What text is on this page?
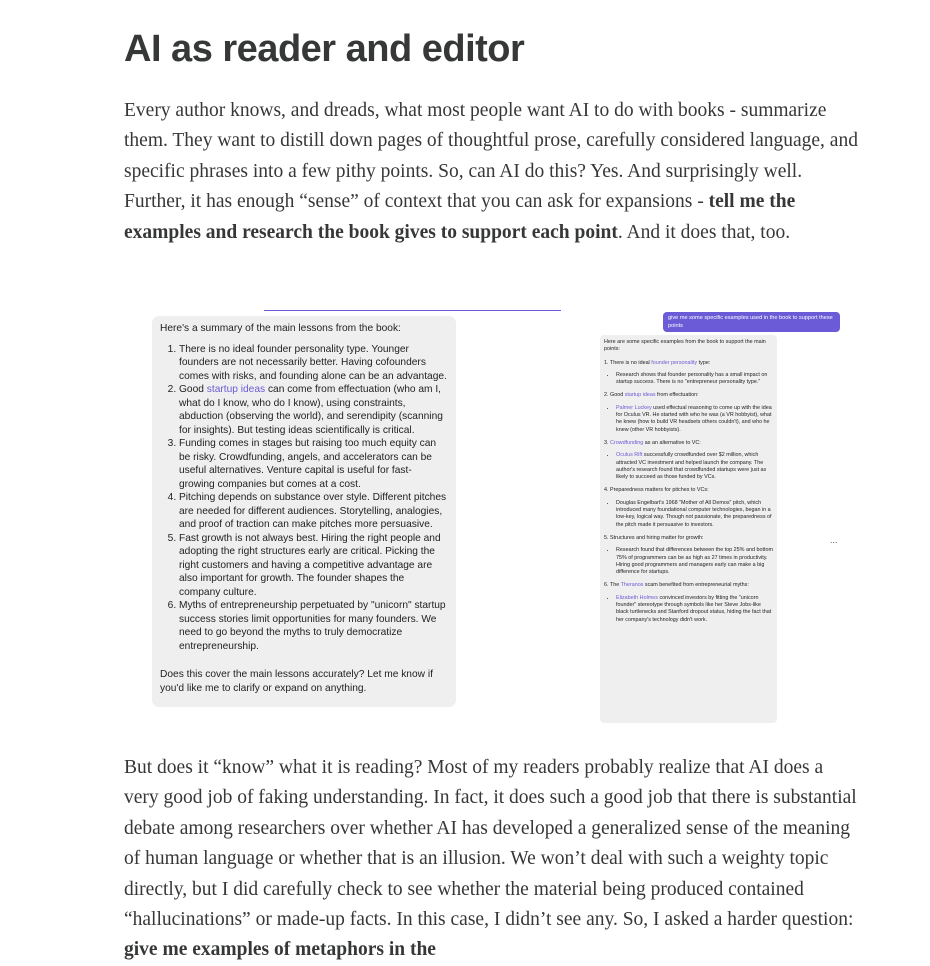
AI as reader and editor

Every author knows, and dreads, what most people want AI to do with books - summarize them. They want to distill down pages of thoughtful prose, carefully considered language, and specific phrases into a few pithy points. So, can AI do this? Yes. And surprisingly well. Further, it has enough “sense” of context that you can ask for expansions - tell me the examples and research the book gives to support each point. And it does that, too.

Here's a summary of the main lessons from the book:

1. There is no ideal founder personality type. Younger founders are not necessarily better. Having cofounders comes with risks, and founding alone can be an advantage.
2. Good startup ideas can come from effectuation (who am I, what do I know, who do I know), using constraints, abduction (observing the world), and serendipity (scanning for insights). But testing ideas scientifically is critical.
3. Funding comes in stages but raising too much equity can be risky. Crowdfunding, angels, and accelerators can be useful alternatives. Venture capital is useful for fast-growing companies but comes at a cost.
4. Pitching depends on substance over style. Different pitches are needed for different audiences. Storytelling, analogies, and proof of traction can make pitches more persuasive.
5. Fast growth is not always best. Hiring the right people and adopting the right structures early are critical. Picking the right customers and having a competitive advantage are also important for growth. The founder shapes the company culture.
6. Myths of entrepreneurship perpetuated by "unicorn" startup success stories limit opportunities for many founders. We need to go beyond the myths to truly democratize entrepreneurship.

Does this cover the main lessons accurately? Let me know if you'd like me to clarify or expand on anything.

give me some specific examples used in the book to support these points

Here are some specific examples from the book to support the main points:

1. There is no ideal founder personality type:

• Research shows that founder personality has a small impact on startup success. There is no "entrepreneur personality type."

2. Good startup ideas from effectuation:

• Palmer Luckey used effectual reasoning to come up with the idea for Oculus VR. He started with who he was (a VR hobbyist), what he knew (how to build VR headsets others couldn't), and who he knew (other VR hobbyists).

3. Crowdfunding as an alternative to VC:

• Oculus Rift successfully crowdfunded over $2 million, which attracted VC investment and helped launch the company. The author's research found that crowdfunded startups were just as likely to succeed as those funded by VCs.

4. Preparedness matters for pitches to VCs:

• Douglas Engelbart's 1968 "Mother of All Demos" pitch, which introduced many foundational computer technologies, began in a low-key, logical way. Though not passionate, the preparedness of the pitch made it persuasive to investors.

5. Structures and hiring matter for growth:

• Research found that differences between the top 25% and bottom 75% of programmers can be as high as 27 times in productivity. Hiring good programmers and managers early can make a big difference for startups.

6. The Theranos scam benefited from entrepreneurial myths:

• Elizabeth Holmes convinced investors by fitting the "unicorn founder" stereotype through symbols like her Steve Jobs-like black turtlenecks and Stanford dropout status, hiding the fact that her company's technology didn't work.
...

But does it “know” what it is reading? Most of my readers probably realize that AI does a very good job of faking understanding. In fact, it does such a good job that there is substantial debate among researchers over whether AI has developed a generalized sense of the meaning of human language or whether that is an illusion. We won’t deal with such a weighty topic directly, but I did carefully check to see whether the material being produced contained “hallucinations” or made-up facts. In this case, I didn’t see any. So, I asked a harder question: give me examples of metaphors in the
